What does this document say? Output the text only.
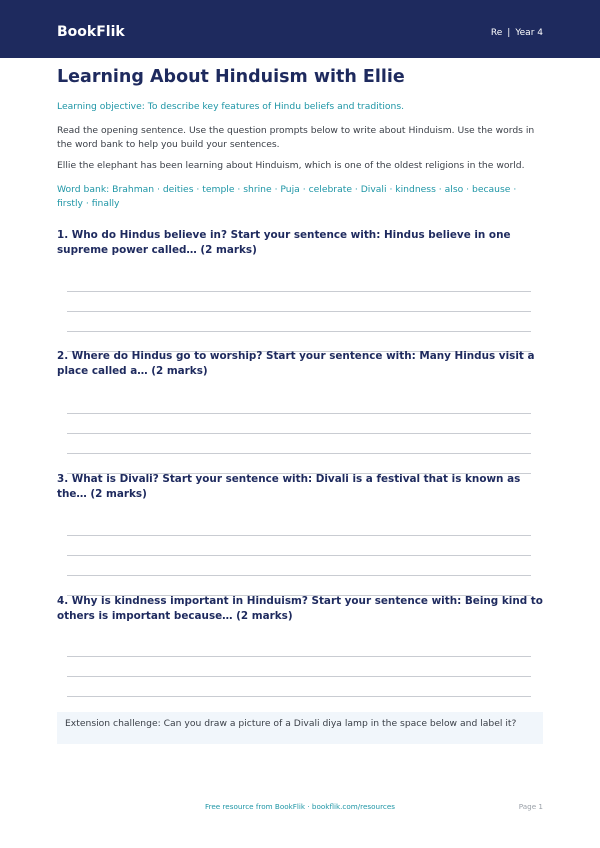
BookFlik	Re | Year 4
Learning About Hinduism with Ellie
Learning objective: To describe key features of Hindu beliefs and traditions.
Read the opening sentence. Use the question prompts below to write about Hinduism. Use the words in the word bank to help you build your sentences.
Ellie the elephant has been learning about Hinduism, which is one of the oldest religions in the world.
Word bank: Brahman · deities · temple · shrine · Puja · celebrate · Divali · kindness · also · because · firstly · finally
1. Who do Hindus believe in? Start your sentence with: Hindus believe in one supreme power called… (2 marks)
2. Where do Hindus go to worship? Start your sentence with: Many Hindus visit a place called a… (2 marks)
3. What is Divali? Start your sentence with: Divali is a festival that is known as the… (2 marks)
4. Why is kindness important in Hinduism? Start your sentence with: Being kind to others is important because… (2 marks)
Extension challenge: Can you draw a picture of a Divali diya lamp in the space below and label it?
Free resource from BookFlik · bookflik.com/resources	Page 1
